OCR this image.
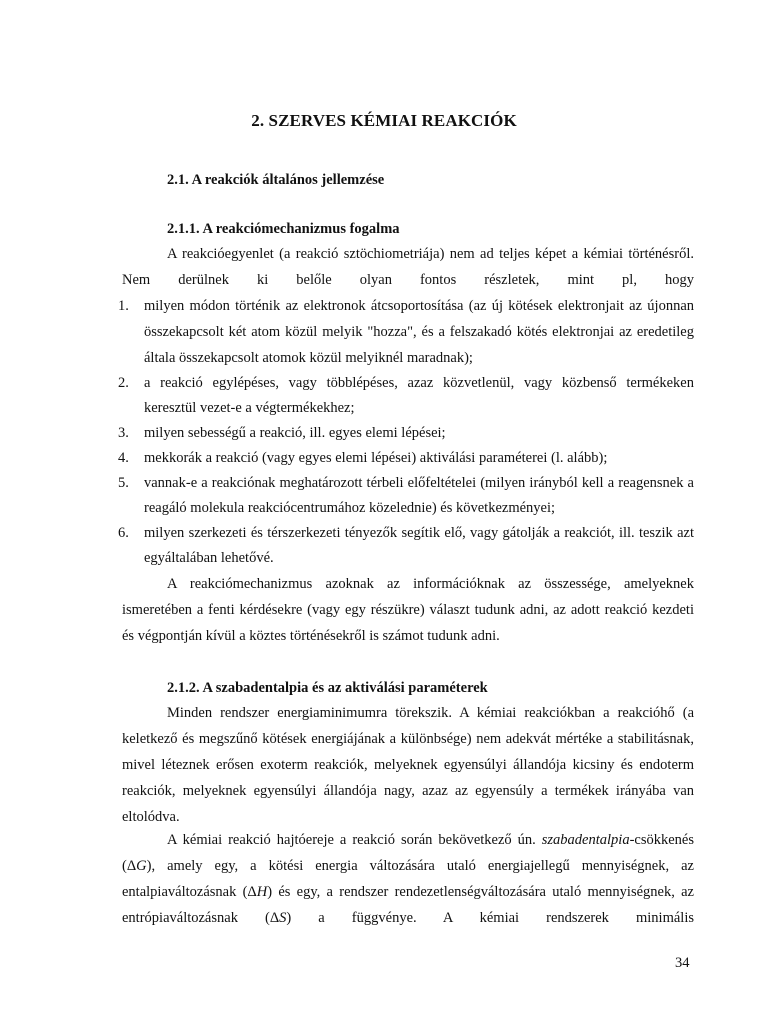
2. SZERVES KÉMIAI REAKCIÓK
2.1. A reakciók általános jellemzése
2.1.1. A reakciómechanizmus fogalma
A reakcióegyenlet (a reakció sztöchiometriája) nem ad teljes képet a kémiai történésről. Nem derülnek ki belőle olyan fontos részletek, mint pl, hogy
1. milyen módon történik az elektronok átcsoportosítása (az új kötések elektronjait az újonnan összekapcsolt két atom közül melyik "hozza", és a felszakadó kötés elektronjai az eredetileg általa összekapcsolt atomok közül melyiknél maradnak);
2. a reakció egylépéses, vagy többlépéses, azaz közvetlenül, vagy közbenső termékeken keresztül vezet-e a végtermékekhez;
3. milyen sebességű a reakció, ill. egyes elemi lépései;
4. mekkorák a reakció (vagy egyes elemi lépései) aktiválási paraméterei (l. alább);
5. vannak-e a reakciónak meghatározott térbeli előfeltételei (milyen irányból kell a reagensnek a reagáló molekula reakciócentrumához közelednie) és következményei;
6. milyen szerkezeti és térszerkezeti tényezők segítik elő, vagy gátolják a reakciót, ill. teszik azt egyáltalában lehetővé.
A reakciómechanizmus azoknak az információknak az összessége, amelyeknek ismeretében a fenti kérdésekre (vagy egy részükre) választ tudunk adni, az adott reakció kezdeti és végpontján kívül a köztes történésekről is számot tudunk adni.
2.1.2. A szabadentalpia és az aktiválási paraméterek
Minden rendszer energiaminimumra törekszik. A kémiai reakciókban a reakcióhő (a keletkező és megszűnő kötések energiájának a különbsége) nem adekvát mértéke a stabilitásnak, mivel léteznek erősen exoterm reakciók, melyeknek egyensúlyi állandója kicsiny és endoterm reakciók, melyeknek egyensúlyi állandója nagy, azaz az egyensúly a termékek irányába van eltolódva.
A kémiai reakció hajtóereje a reakció során bekövetkező ún. szabadentalpia-csökkenés (ΔG), amely egy, a kötési energia változására utaló energiajellegű mennyiségnek, az entalpiaváltozásnak (ΔH) és egy, a rendszer rendezetlenségváltozására utaló mennyiségnek, az entrópiaváltozásnak (ΔS) a függvénye. A kémiai rendszerek minimális
34
